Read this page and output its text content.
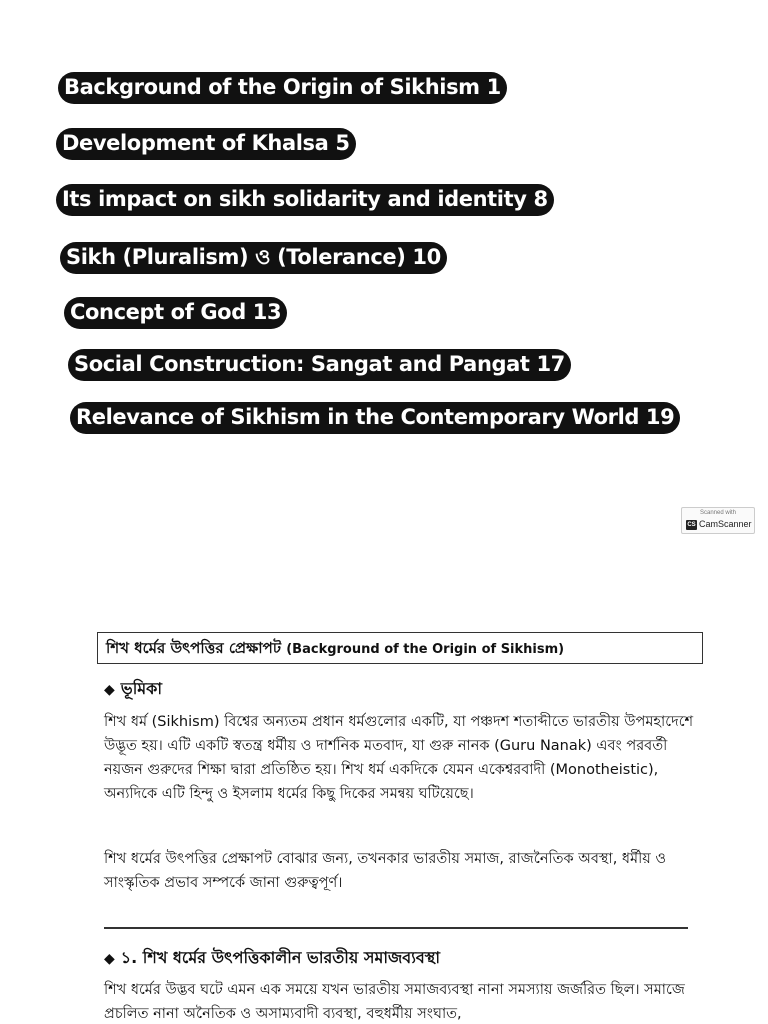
Background of the Origin of Sikhism 1
Development of Khalsa 5
Its impact on sikh solidarity and identity 8
Sikh (Pluralism) ও (Tolerance) 10
Concept of God 13
Social Construction: Sangat and Pangat 17
Relevance of Sikhism in the Contemporary World 19
Scanned with
CS CamScanner
শিখ ধর্মের উৎপত্তির প্রেক্ষাপট (Background of the Origin of Sikhism)
◆ ভূমিকা
শিখ ধর্ম (Sikhism) বিশ্বের অন্যতম প্রধান ধর্মগুলোর একটি, যা পঞ্চদশ শতাব্দীতে ভারতীয় উপমহাদেশে উদ্ভূত হয়। এটি একটি স্বতন্ত্র ধর্মীয় ও দার্শনিক মতবাদ, যা গুরু নানক (Guru Nanak) এবং পরবর্তী নয়জন গুরুদের শিক্ষা দ্বারা প্রতিষ্ঠিত হয়। শিখ ধর্ম একদিকে যেমন একেশ্বরবাদী (Monotheistic), অন্যদিকে এটি হিন্দু ও ইসলাম ধর্মের কিছু দিকের সমন্বয় ঘটিয়েছে।
শিখ ধর্মের উৎপত্তির প্রেক্ষাপট বোঝার জন্য, তখনকার ভারতীয় সমাজ, রাজনৈতিক অবস্থা, ধর্মীয় ও সাংস্কৃতিক প্রভাব সম্পর্কে জানা গুরুত্বপূর্ণ।
◆ ১. শিখ ধর্মের উৎপত্তিকালীন ভারতীয় সমাজব্যবস্থা
শিখ ধর্মের উদ্ভব ঘটে এমন এক সময়ে যখন ভারতীয় সমাজব্যবস্থা নানা সমস্যায় জর্জরিত ছিল। সমাজে প্রচলিত নানা অনৈতিক ও অসাম্যবাদী ব্যবস্থা, বহুধর্মীয় সংঘাত,
